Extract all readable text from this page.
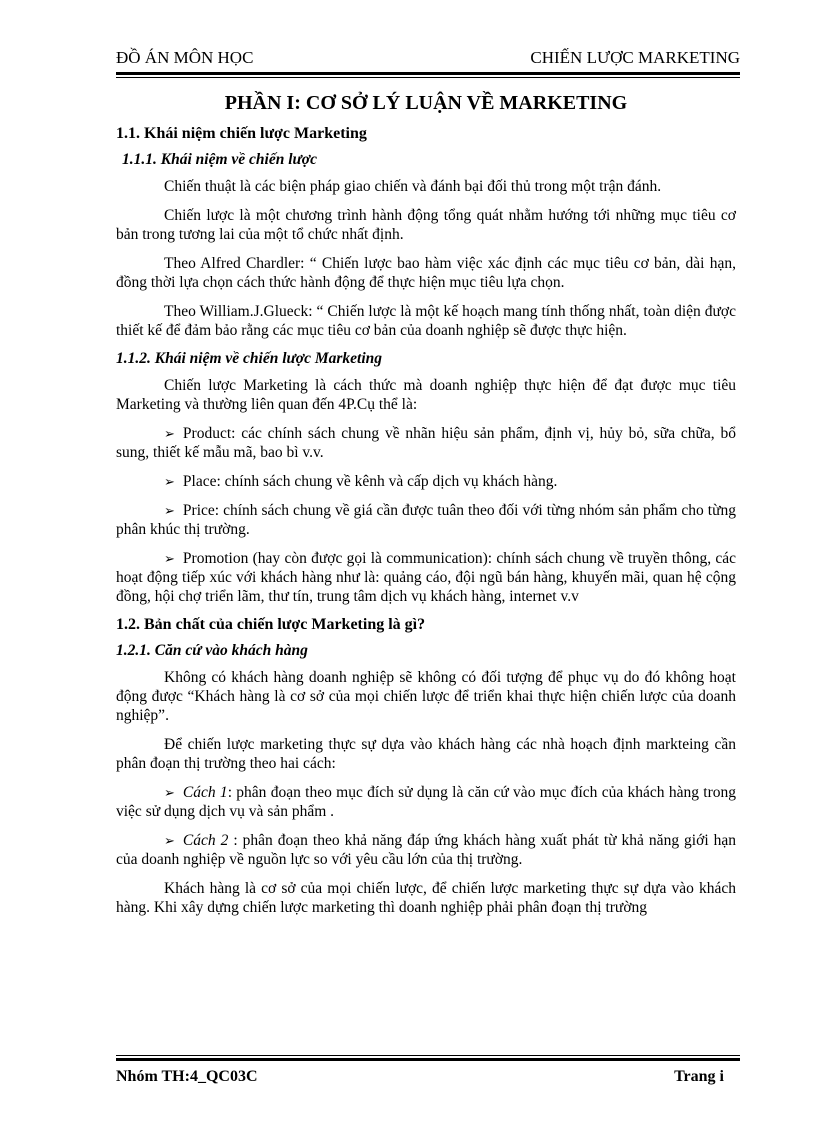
ĐỒ ÁN MÔN HỌC	CHIẾN LƯỢC MARKETING
PHẦN I: CƠ SỞ LÝ LUẬN VỀ MARKETING
1.1. Khái niệm chiến lược Marketing
1.1.1. Khái niệm về chiến lược

Chiến thuật là các biện pháp giao chiến và đánh bại đối thủ trong một trận đánh.

Chiến lược là một chương trình hành động tổng quát nhằm hướng tới những mục tiêu cơ bản trong tương lai của một tổ chức nhất định.

Theo Alfred Chardler: “ Chiến lược bao hàm việc xác định các mục tiêu cơ bản, dài hạn, đồng thời lựa chọn cách thức hành động để thực hiện mục tiêu lựa chọn.

Theo William.J.Glueck: “ Chiến lược là một kế hoạch mang tính thống nhất, toàn diện được thiết kế để đảm bảo rằng các mục tiêu cơ bản của doanh nghiệp sẽ được thực hiện.

1.1.2. Khái niệm về chiến lược Marketing

Chiến lược Marketing là cách thức mà doanh nghiệp thực hiện để đạt được mục tiêu Marketing và thường liên quan đến 4P.Cụ thể là:

➢ Product: các chính sách chung về nhãn hiệu sản phẩm, định vị, hủy bỏ, sữa chữa, bổ sung, thiết kế mẫu mã, bao bì v.v.

➢ Place: chính sách chung về kênh và cấp dịch vụ khách hàng.

➢ Price: chính sách chung về giá cần được tuân theo đối với từng nhóm sản phẩm cho từng phân khúc thị trường.

➢ Promotion (hay còn được gọi là communication): chính sách chung về truyền thông, các hoạt động tiếp xúc với khách hàng như là: quảng cáo, đội ngũ bán hàng, khuyến mãi, quan hệ cộng đồng, hội chợ triển lãm, thư tín, trung tâm dịch vụ khách hàng, internet v.v

1.2. Bản chất của chiến lược Marketing là gì?
1.2.1. Căn cứ vào khách hàng

Không có khách hàng doanh nghiệp sẽ không có đối tượng để phục vụ do đó không hoạt động được “Khách hàng là cơ sở của mọi chiến lược để triển khai thực hiện chiến lược của doanh nghiệp”.

Để chiến lược marketing thực sự dựa vào khách hàng các nhà hoạch định markteing cần phân đoạn thị trường theo hai cách:

➢ Cách 1: phân đoạn theo mục đích sử dụng là căn cứ vào mục đích của khách hàng trong việc sử dụng dịch vụ và sản phẩm .

➢ Cách 2 : phân đoạn theo khả năng đáp ứng khách hàng xuất phát từ khả năng giới hạn của doanh nghiệp về nguồn lực so với yêu cầu lớn của thị trường.

Khách hàng là cơ sở của mọi chiến lược, để chiến lược marketing thực sự dựa vào khách hàng. Khi xây dựng chiến lược marketing thì doanh nghiệp phải phân đoạn thị trường

Nhóm TH:4_QC03C	Trang i
